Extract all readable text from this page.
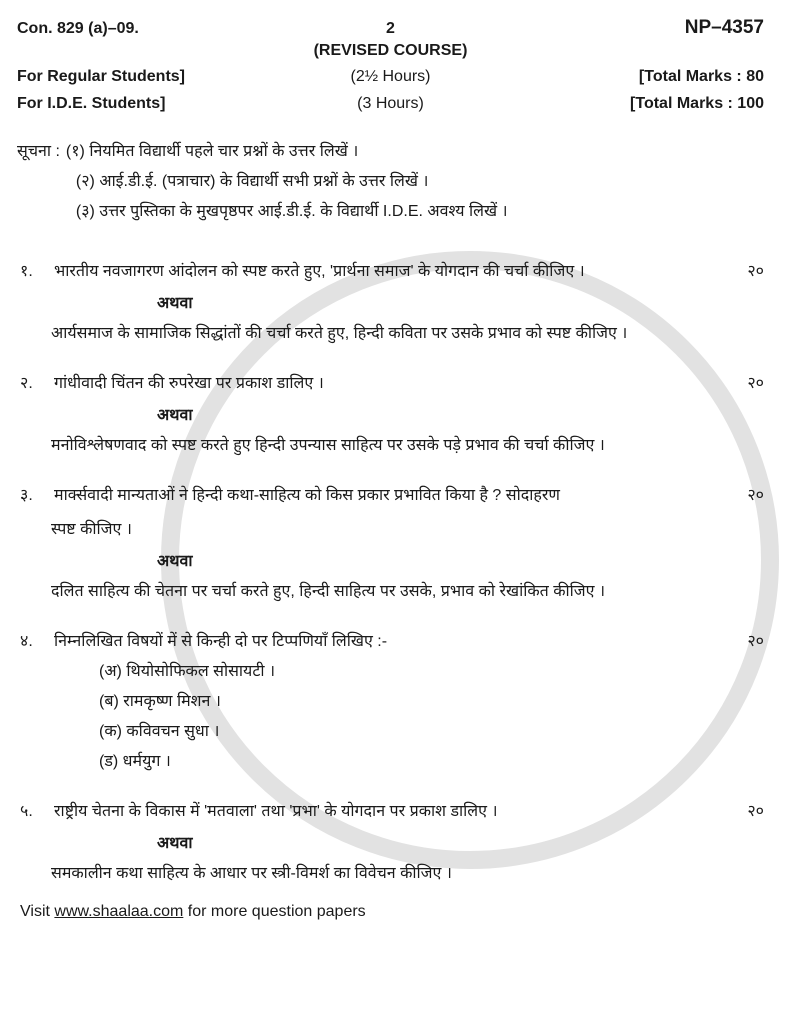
Con. 829 (a)–09.	2	NP–4357
(REVISED COURSE)
For Regular Students]	(2½ Hours)	[Total Marks : 80
For I.D.E. Students]	(3 Hours)	[Total Marks : 100
सूचना : (१) नियमित विद्यार्थी पहले चार प्रश्नों के उत्तर लिखें ।
(२) आई.डी.ई. (पत्राचार) के विद्यार्थी सभी प्रश्नों के उत्तर लिखें ।
(३) उत्तर पुस्तिका के मुखपृष्ठपर आई.डी.ई. के विद्यार्थी I.D.E. अवश्य लिखें ।
१.	भारतीय नवजागरण आंदोलन को स्पष्ट करते हुए, 'प्रार्थना समाज' के योगदान की चर्चा कीजिए ।	२०
अथवा
आर्यसमाज के सामाजिक सिद्धांतों की चर्चा करते हुए, हिन्दी कविता पर उसके प्रभाव को स्पष्ट कीजिए ।
२.	गांधीवादी चिंतन की रुपरेखा पर प्रकाश डालिए ।	२०
अथवा
मनोविश्लेषणवाद को स्पष्ट करते हुए हिन्दी उपन्यास साहित्य पर उसके पड़े प्रभाव की चर्चा कीजिए ।
३.	मार्क्सवादी मान्यताओं ने हिन्दी कथा-साहित्य को किस प्रकार प्रभावित किया है ? सोदाहरण	२०
स्पष्ट कीजिए ।
अथवा
दलित साहित्य की चेतना पर चर्चा करते हुए, हिन्दी साहित्य पर उसके, प्रभाव को रेखांकित कीजिए ।
४.	निम्नलिखित विषयों में से किन्ही दो पर टिप्पणियाँ लिखिए :-	२०
(अ) थियोसोफिकल सोसायटी ।
(ब) रामकृष्ण मिशन ।
(क) कविवचन सुधा ।
(ड) धर्मयुग ।
५.	राष्ट्रीय चेतना के विकास में 'मतवाला' तथा 'प्रभा' के योगदान पर प्रकाश डालिए ।	२०
अथवा
समकालीन कथा साहित्य के आधार पर स्त्री-विमर्श का विवेचन कीजिए ।
Visit www.shaalaa.com for more question papers
